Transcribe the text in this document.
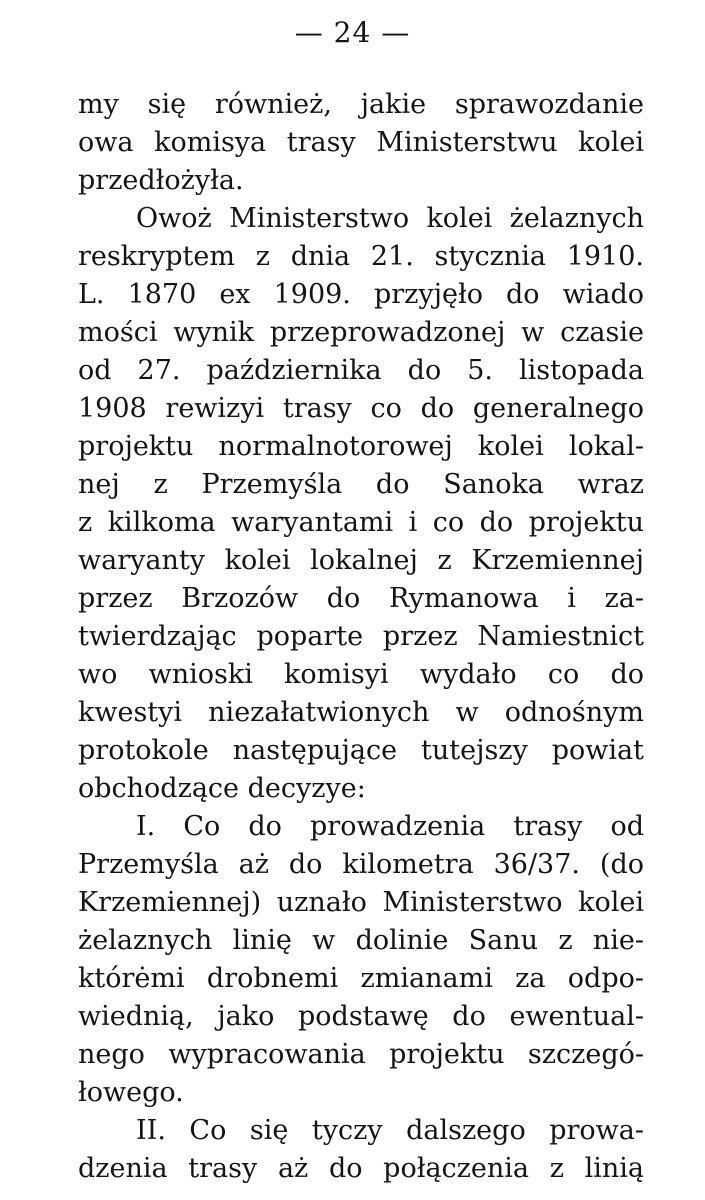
— 24 —
my się również, jakie sprawozdanie
owa komisya trasy Ministerstwu kolei
przedłożyła.
Owoż Ministerstwo kolei żelaznych
reskryptem z dnia 21. stycznia 1910.
L. 1870 ex 1909. przyjęło do wiado
mości wynik przeprowadzonej w czasie
od 27. października do 5. listopada
1908 rewizyi trasy co do generalnego
projektu normalnotorowej kolei lokal-
nej z Przemyśla do Sanoka wraz
z kilkoma waryantami i co do projektu
waryanty kolei lokalnej z Krzemiennej
przez Brzozów do Rymanowa i za-
twierdzając poparte przez Namiestnict
wo wnioski komisyi wydało co do
kwestyi niezałatwionych w odnośnym
protokole następujące tutejszy powiat
obchodzące decyzye:
I. Co do prowadzenia trasy od
Przemyśla aż do kilometra 36/37. (do
Krzemiennej) uznało Ministerstwo kolei
żelaznych linię w dolinie Sanu z nie-
którėmi drobnemi zmianami za odpo-
wiednią, jako podstawę do ewentual-
nego wypracowania projektu szczegó-
łowego.
II. Co się tyczy dalszego prowa-
dzenia trasy aż do połączenia z linią
